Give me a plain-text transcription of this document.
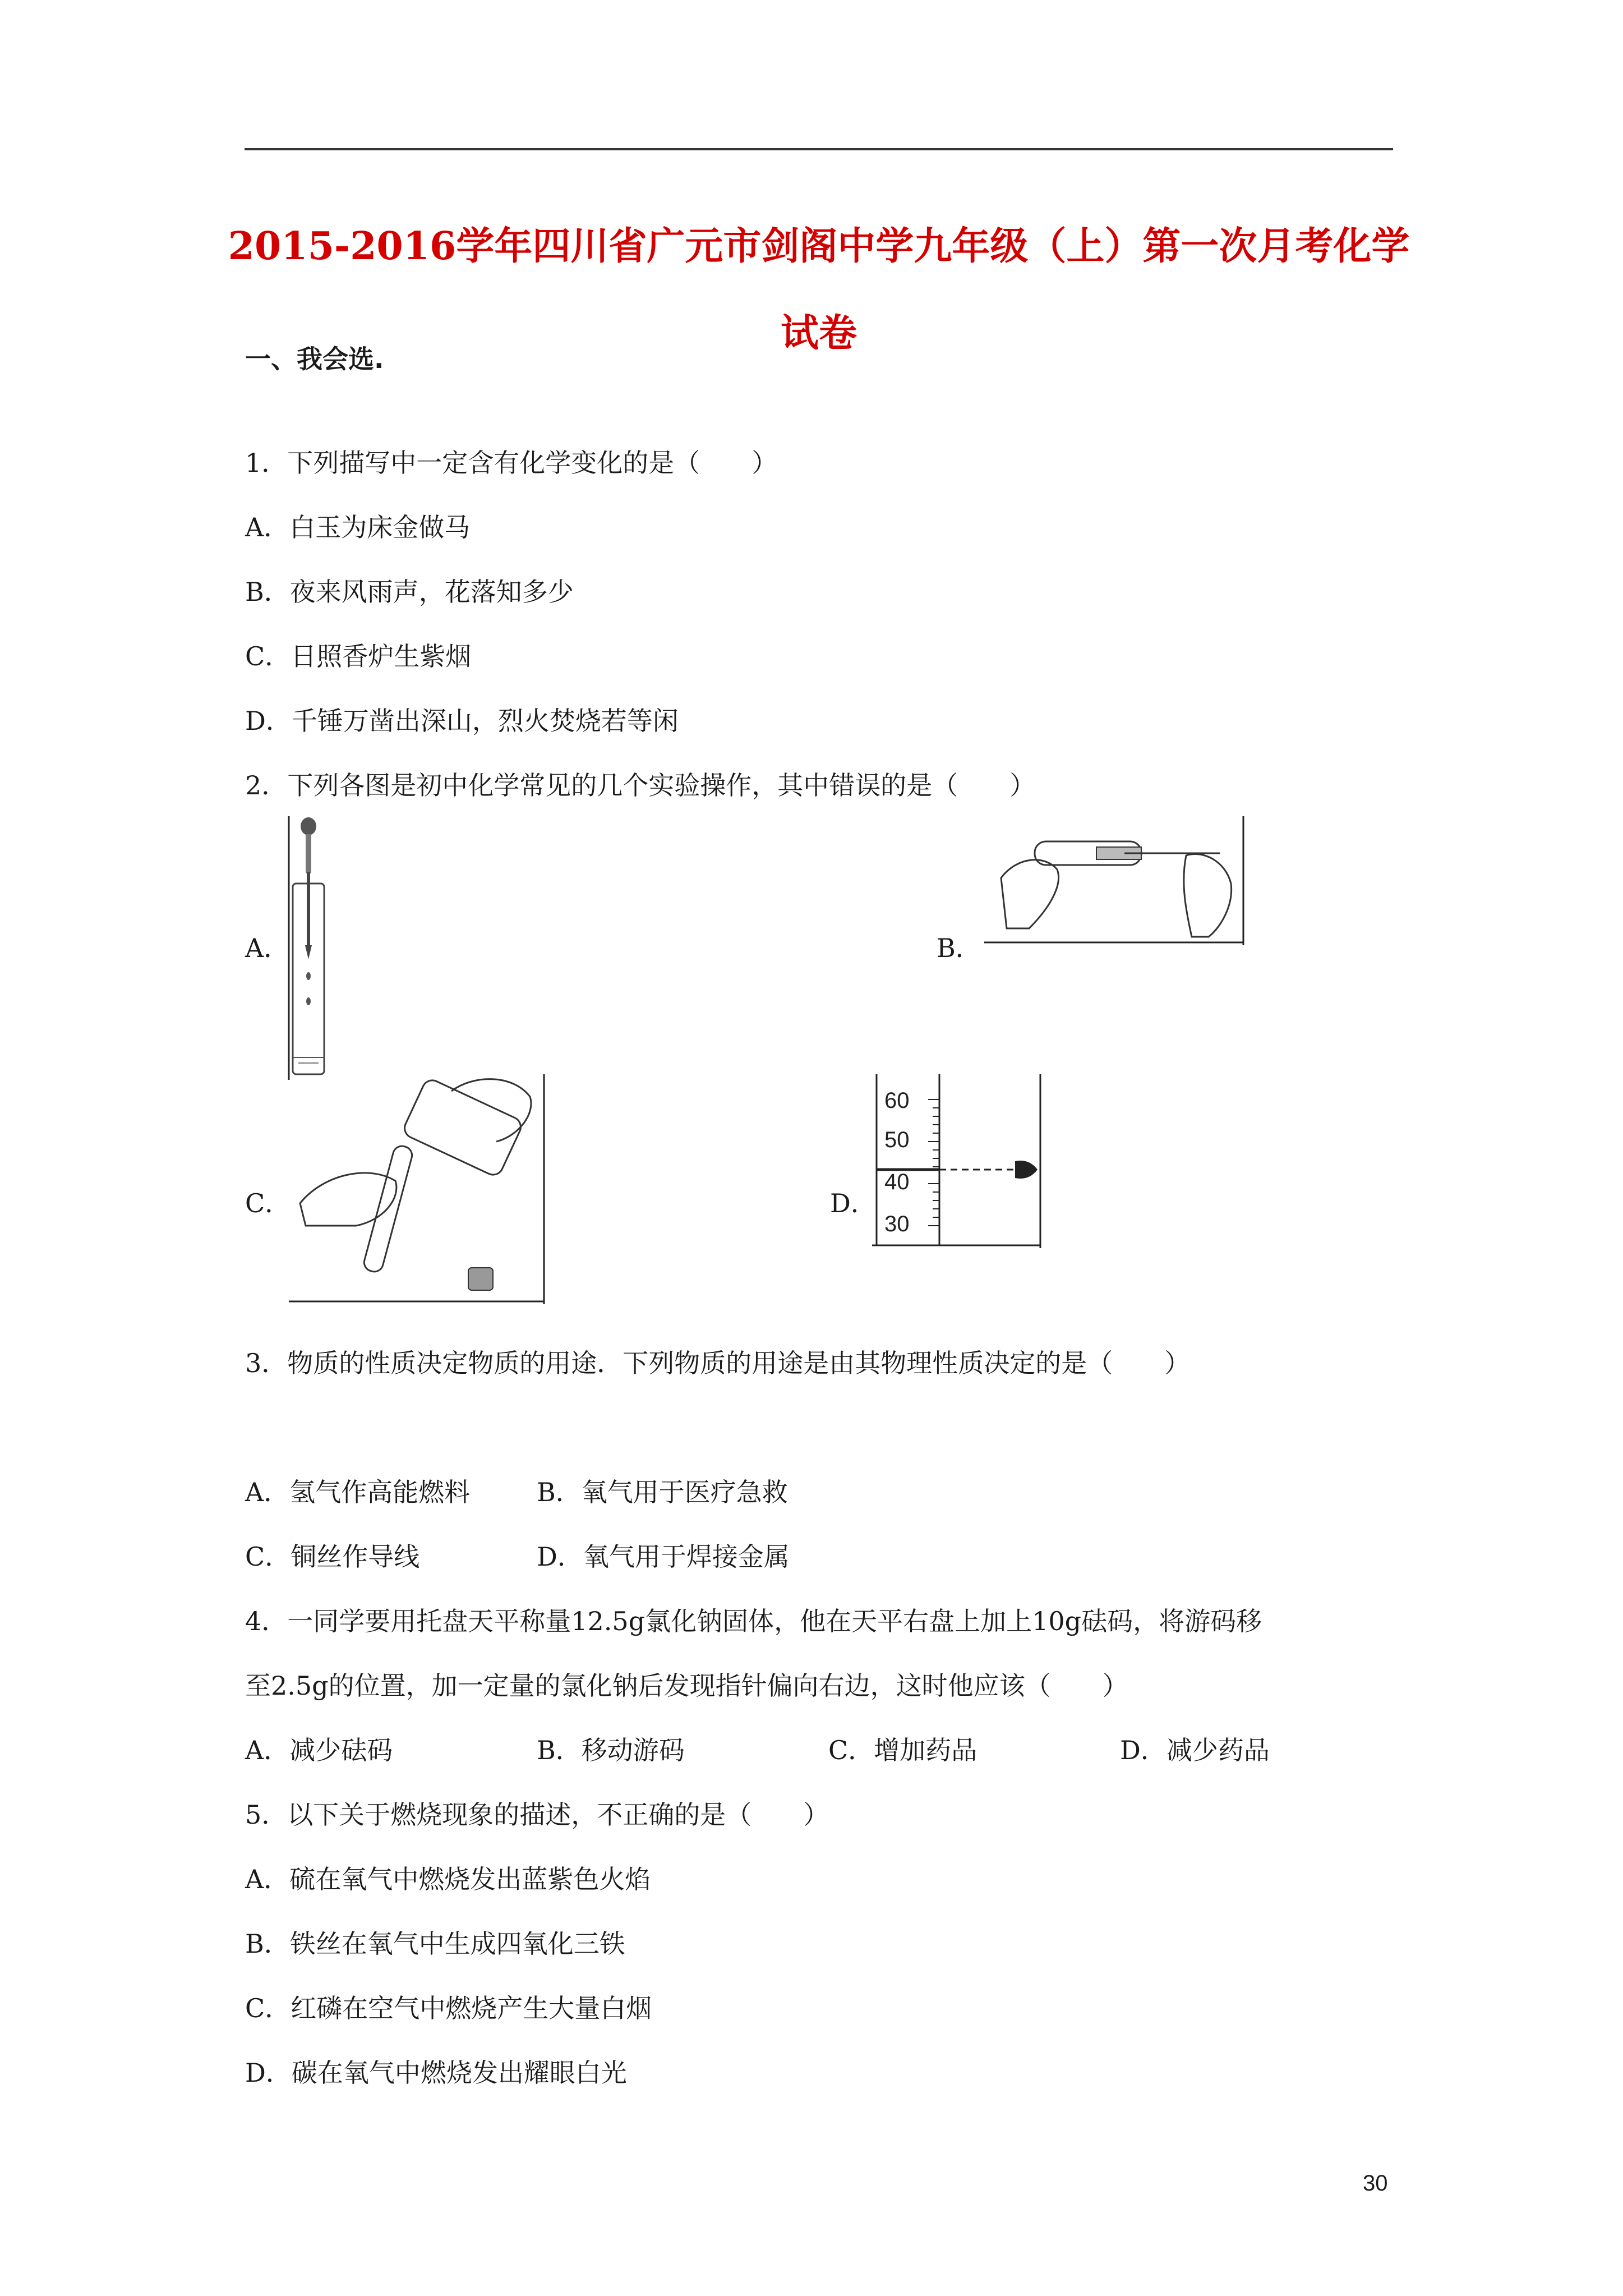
2015-2016学年四川省广元市剑阁中学九年级（上）第一次月考化学
试卷
一、我会选.
1．下列描写中一定含有化学变化的是（　　）
A．白玉为床金做马
B．夜来风雨声，花落知多少
C．日照香炉生紫烟
D．千锤万凿出深山，烈火焚烧若等闲
2．下列各图是初中化学常见的几个实验操作，其中错误的是（　　）
A．	B．
C．	D．
60
50
40
30
3．物质的性质决定物质的用途．下列物质的用途是由其物理性质决定的是（　　）
A．氢气作高能燃料	B．氧气用于医疗急救
C．铜丝作导线	D．氧气用于焊接金属
4．一同学要用托盘天平称量12.5g氯化钠固体，他在天平右盘上加上10g砝码，将游码移
至2.5g的位置，加一定量的氯化钠后发现指针偏向右边，这时他应该（　　）
A．减少砝码	B．移动游码	C．增加药品	D．减少药品
5．以下关于燃烧现象的描述，不正确的是（　　）
A．硫在氧气中燃烧发出蓝紫色火焰
B．铁丝在氧气中生成四氧化三铁
C．红磷在空气中燃烧产生大量白烟
D．碳在氧气中燃烧发出耀眼白光
30
